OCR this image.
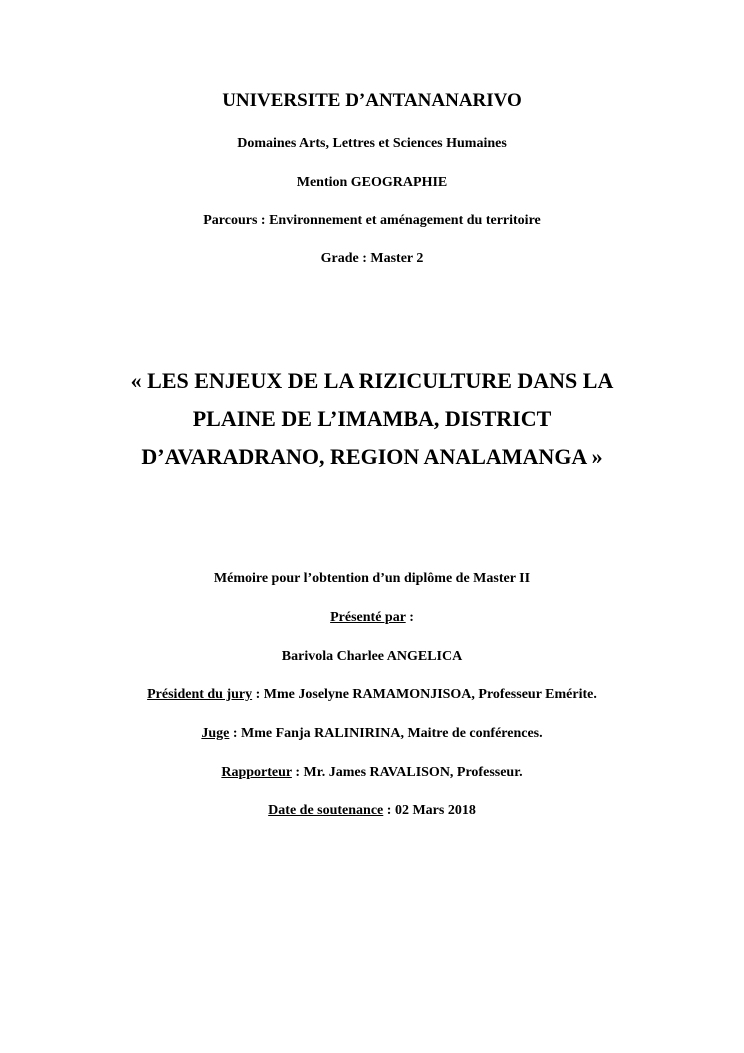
UNIVERSITE D’ANTANANARIVO
Domaines Arts, Lettres et Sciences Humaines
Mention GEOGRAPHIE
Parcours : Environnement et aménagement du territoire
Grade : Master 2
« LES ENJEUX DE LA RIZICULTURE DANS LA
PLAINE DE L’IMAMBA, DISTRICT
D’AVARADRANO, REGION ANALAMANGA »
Mémoire pour l’obtention d’un diplôme de Master II
Présenté par :
Barivola Charlee ANGELICA
Président du jury : Mme Joselyne RAMAMONJISOA, Professeur Emérite.
Juge : Mme Fanja RALINIRINA, Maitre de conférences.
Rapporteur : Mr. James RAVALISON, Professeur.
Date de soutenance : 02 Mars 2018
